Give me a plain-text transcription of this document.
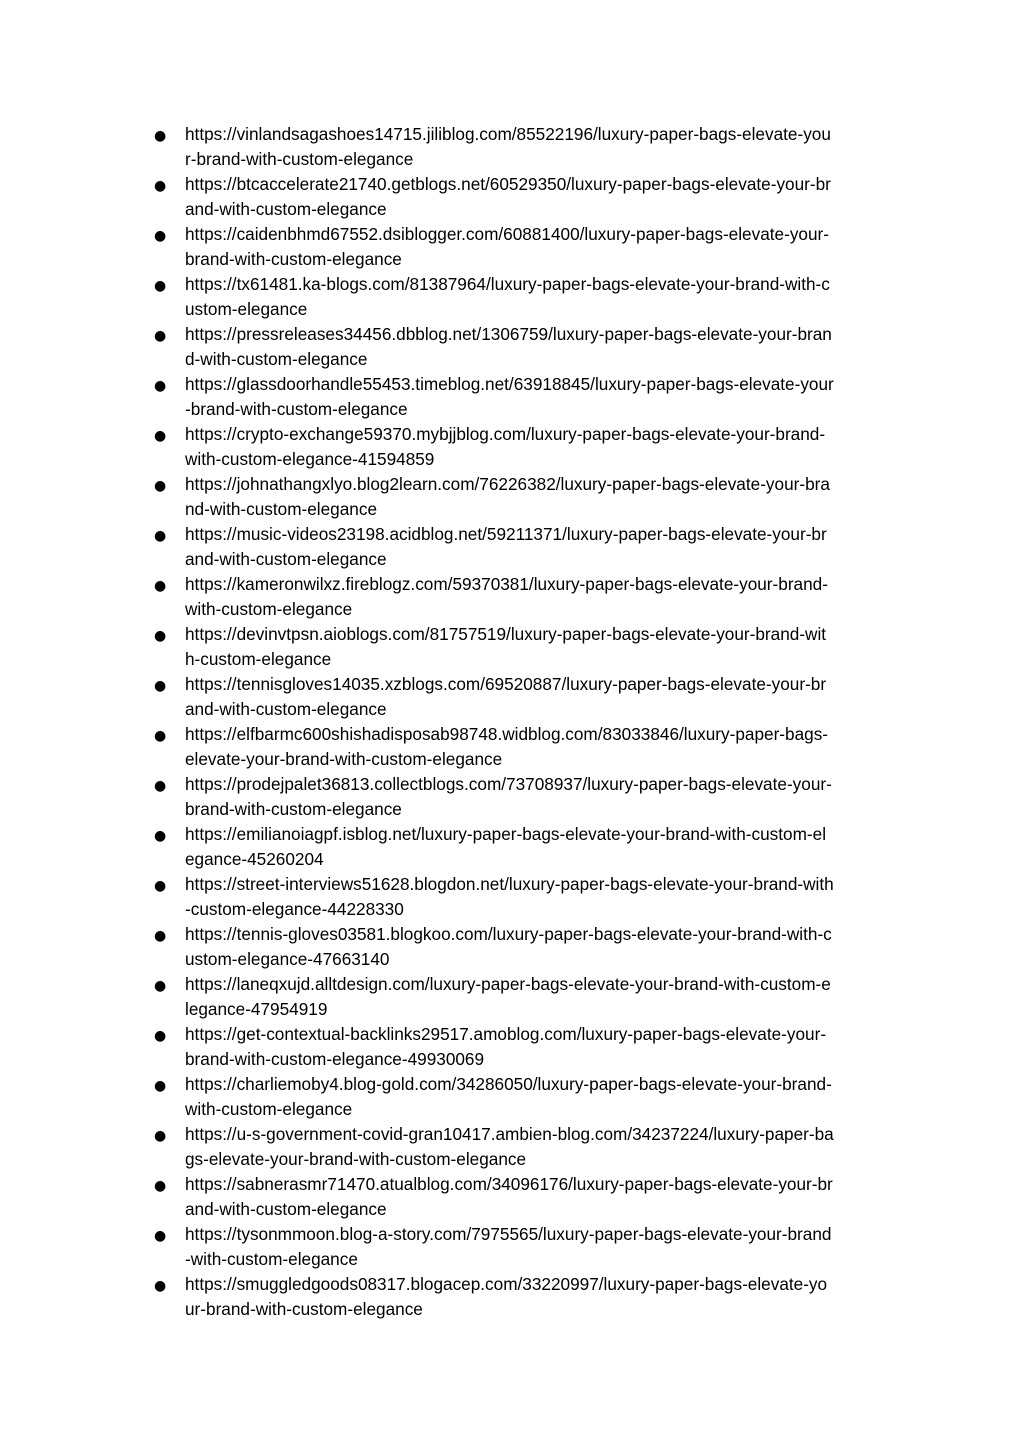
● https://vinlandsagashoes14715.jiliblog.com/85522196/luxury-paper-bags-elevate-you
r-brand-with-custom-elegance
● https://btcaccelerate21740.getblogs.net/60529350/luxury-paper-bags-elevate-your-br
and-with-custom-elegance
● https://caidenbhmd67552.dsiblogger.com/60881400/luxury-paper-bags-elevate-your-
brand-with-custom-elegance
● https://tx61481.ka-blogs.com/81387964/luxury-paper-bags-elevate-your-brand-with-c
ustom-elegance
● https://pressreleases34456.dbblog.net/1306759/luxury-paper-bags-elevate-your-bran
d-with-custom-elegance
● https://glassdoorhandle55453.timeblog.net/63918845/luxury-paper-bags-elevate-your
-brand-with-custom-elegance
● https://crypto-exchange59370.mybjjblog.com/luxury-paper-bags-elevate-your-brand-
with-custom-elegance-41594859
● https://johnathangxlyo.blog2learn.com/76226382/luxury-paper-bags-elevate-your-bra
nd-with-custom-elegance
● https://music-videos23198.acidblog.net/59211371/luxury-paper-bags-elevate-your-br
and-with-custom-elegance
● https://kameronwilxz.fireblogz.com/59370381/luxury-paper-bags-elevate-your-brand-
with-custom-elegance
● https://devinvtpsn.aioblogs.com/81757519/luxury-paper-bags-elevate-your-brand-wit
h-custom-elegance
● https://tennisgloves14035.xzblogs.com/69520887/luxury-paper-bags-elevate-your-br
and-with-custom-elegance
● https://elfbarmc600shishadisposab98748.widblog.com/83033846/luxury-paper-bags-
elevate-your-brand-with-custom-elegance
● https://prodejpalet36813.collectblogs.com/73708937/luxury-paper-bags-elevate-your-
brand-with-custom-elegance
● https://emilianoiagpf.isblog.net/luxury-paper-bags-elevate-your-brand-with-custom-el
egance-45260204
● https://street-interviews51628.blogdon.net/luxury-paper-bags-elevate-your-brand-with
-custom-elegance-44228330
● https://tennis-gloves03581.blogkoo.com/luxury-paper-bags-elevate-your-brand-with-c
ustom-elegance-47663140
● https://laneqxujd.alltdesign.com/luxury-paper-bags-elevate-your-brand-with-custom-e
legance-47954919
● https://get-contextual-backlinks29517.amoblog.com/luxury-paper-bags-elevate-your-
brand-with-custom-elegance-49930069
● https://charliemoby4.blog-gold.com/34286050/luxury-paper-bags-elevate-your-brand-
with-custom-elegance
● https://u-s-government-covid-gran10417.ambien-blog.com/34237224/luxury-paper-ba
gs-elevate-your-brand-with-custom-elegance
● https://sabnerasmr71470.atualblog.com/34096176/luxury-paper-bags-elevate-your-br
and-with-custom-elegance
● https://tysonmmoon.blog-a-story.com/7975565/luxury-paper-bags-elevate-your-brand
-with-custom-elegance
● https://smuggledgoods08317.blogacep.com/33220997/luxury-paper-bags-elevate-yo
ur-brand-with-custom-elegance
